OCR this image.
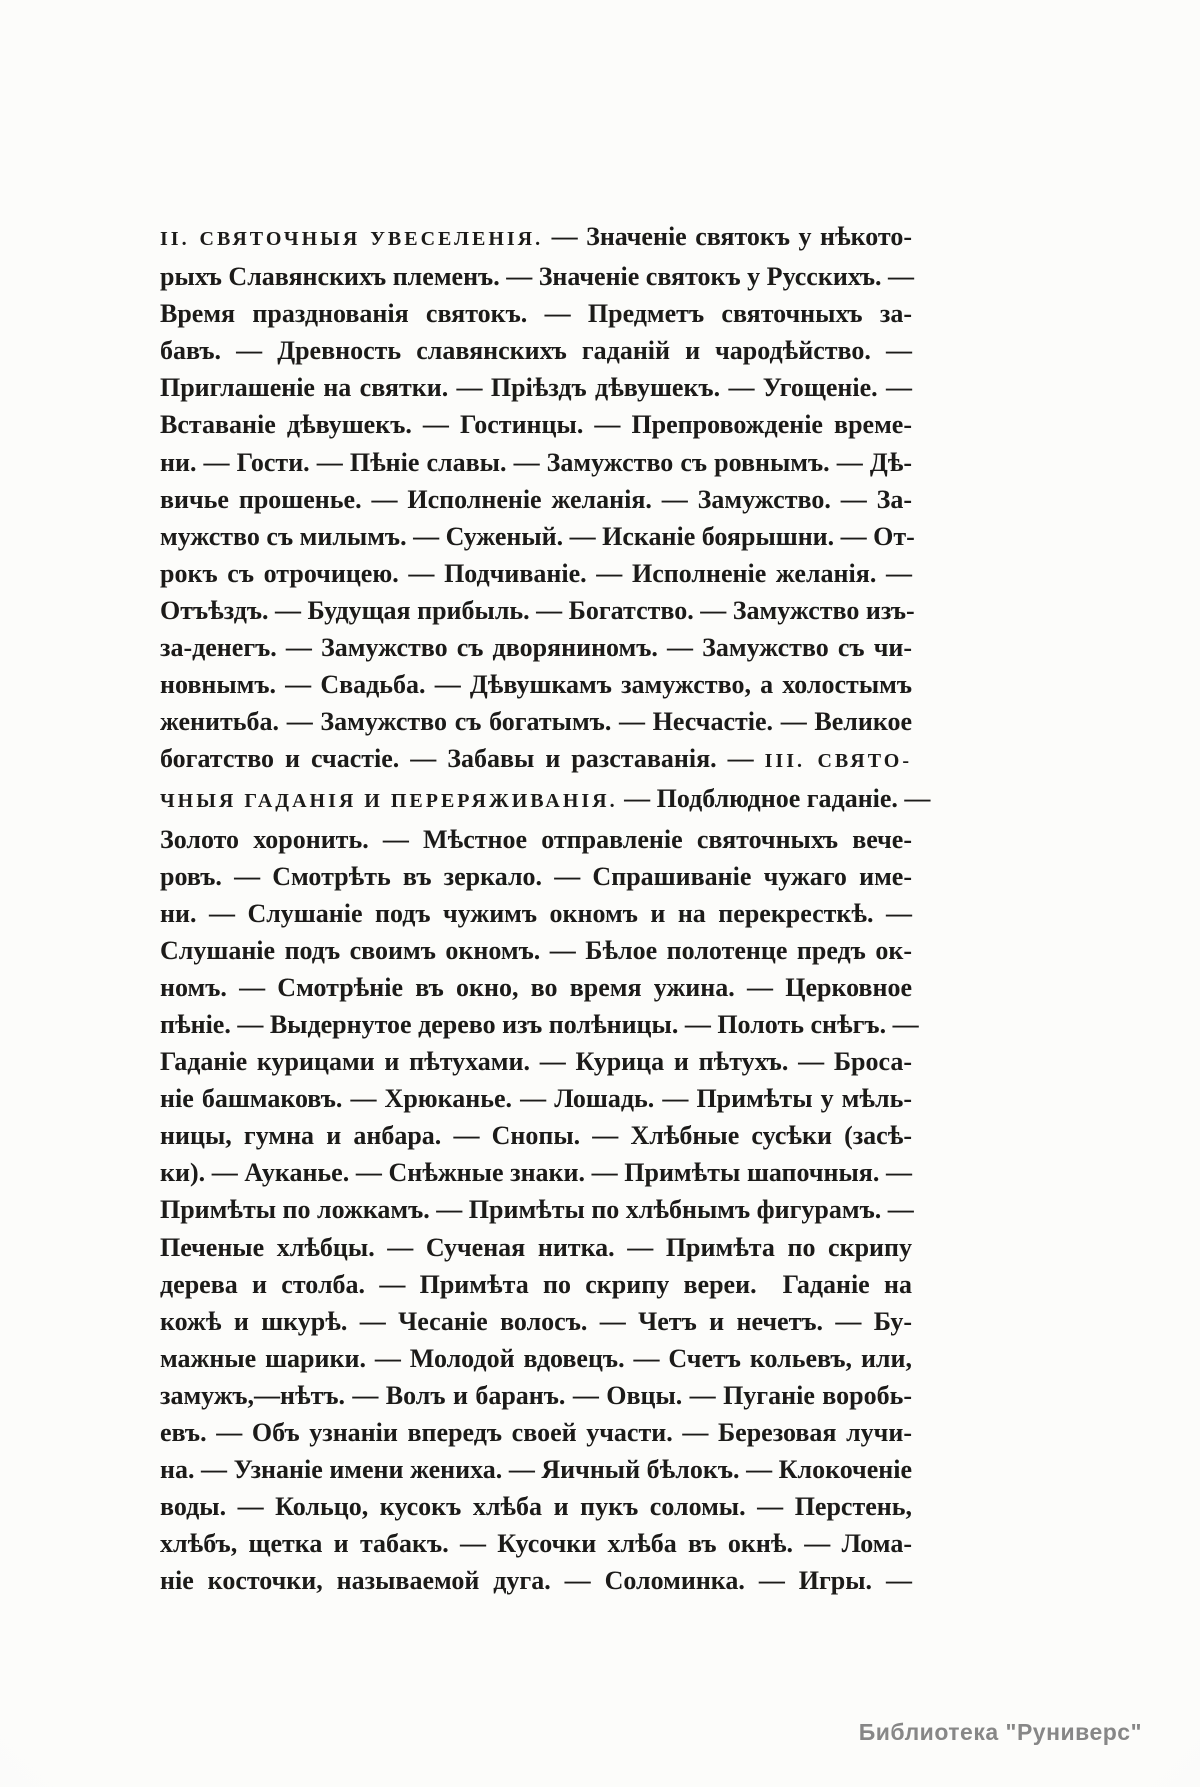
II. СВЯТОЧНЫЯ УВЕСЕЛЕНІЯ. — Значеніе святокъ у нѣкото-
рыхъ Славянскихъ племенъ. — Значеніе святокъ у Русскихъ. —
Время празднованія святокъ. — Предметъ святочныхъ за-
бавъ. — Древность славянскихъ гаданій и чародѣйство. —
Приглашеніе на святки. — Пріѣздъ дѣвушекъ. — Угощеніе. —
Вставаніе дѣвушекъ. — Гостинцы. — Препровожденіе време-
ни. — Гости. — Пѣніе славы. — Замужство съ ровнымъ. — Дѣ-
вичье прошенье. — Исполненіе желанія. — Замужство. — За-
мужство съ милымъ. — Суженый. — Исканіе боярышни. — От-
рокъ съ отрочицею. — Подчиваніе. — Исполненіе желанія. —
Отъѣздъ. — Будущая прибыль. — Богатство. — Замужство изъ-
за-денегъ. — Замужство съ дворяниномъ. — Замужство съ чи-
новнымъ. — Свадьба. — Дѣвушкамъ замужство, а холостымъ
женитьба. — Замужство съ богатымъ. — Несчастіе. — Великое
богатство и счастіе. — Забавы и разставанія. — III. СВЯТО-
ЧНЫЯ ГАДАНІЯ И ПЕРЕРЯЖИВАНІЯ. — Подблюдное гаданіе. —
Золото хоронить. — Мѣстное отправленіе святочныхъ вече-
ровъ. — Смотрѣть въ зеркало. — Спрашиваніе чужаго име-
ни. — Слушаніе подъ чужимъ окномъ и на перекресткѣ. —
Слушаніе подъ своимъ окномъ. — Бѣлое полотенце предъ ок-
номъ. — Смотрѣніе въ окно, во время ужина. — Церковное
пѣніе. — Выдернутое дерево изъ полѣницы. — Полоть снѣгъ. —
Гаданіе курицами и пѣтухами. — Курица и пѣтухъ. — Броса-
ніе башмаковъ. — Хрюканье. — Лошадь. — Примѣты у мѣль-
ницы, гумна и анбара. — Снопы. — Хлѣбные сусѣки (засѣ-
ки). — Ауканье. — Снѣжные знаки. — Примѣты шапочныя. —
Примѣты по ложкамъ. — Примѣты по хлѣбнымъ фигурамъ. —
Печеные хлѣбцы. — Сученая нитка. — Примѣта по скрипу
дерева и столба. — Примѣта по скрипу вереи. Гаданіе на
кожѣ и шкурѣ. — Чесаніе волосъ. — Четъ и нечетъ. — Бу-
мажные шарики. — Молодой вдовецъ. — Счетъ кольевъ, или,
замужъ,—нѣтъ. — Волъ и баранъ. — Овцы. — Пуганіе воробь-
евъ. — Объ узнаніи впередъ своей участи. — Березовая лучи-
на. — Узнаніе имени жениха. — Яичный бѣлокъ. — Клокоченіе
воды. — Кольцо, кусокъ хлѣба и пукъ соломы. — Перстень,
хлѣбъ, щетка и табакъ. — Кусочки хлѣба въ окнѣ. — Лома-
ніе косточки, называемой дуга. — Соломинка. — Игры. —
Библиотека "Руниверс"
